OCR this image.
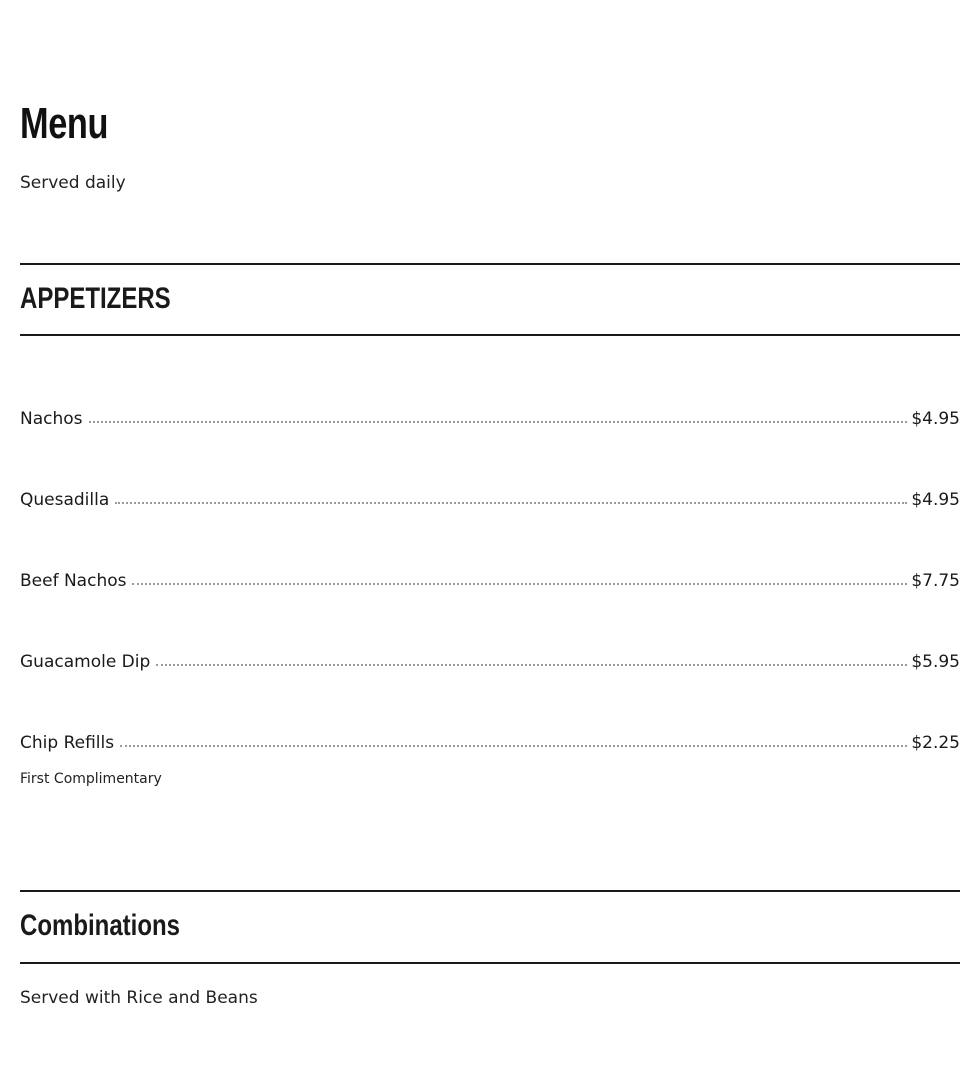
Menu
Served daily
APPETIZERS
Nachos	$4.95
Quesadilla	$4.95
Beef Nachos	$7.75
Guacamole Dip	$5.95
Chip Refills	$2.25
First Complimentary
Combinations
Served with Rice and Beans
